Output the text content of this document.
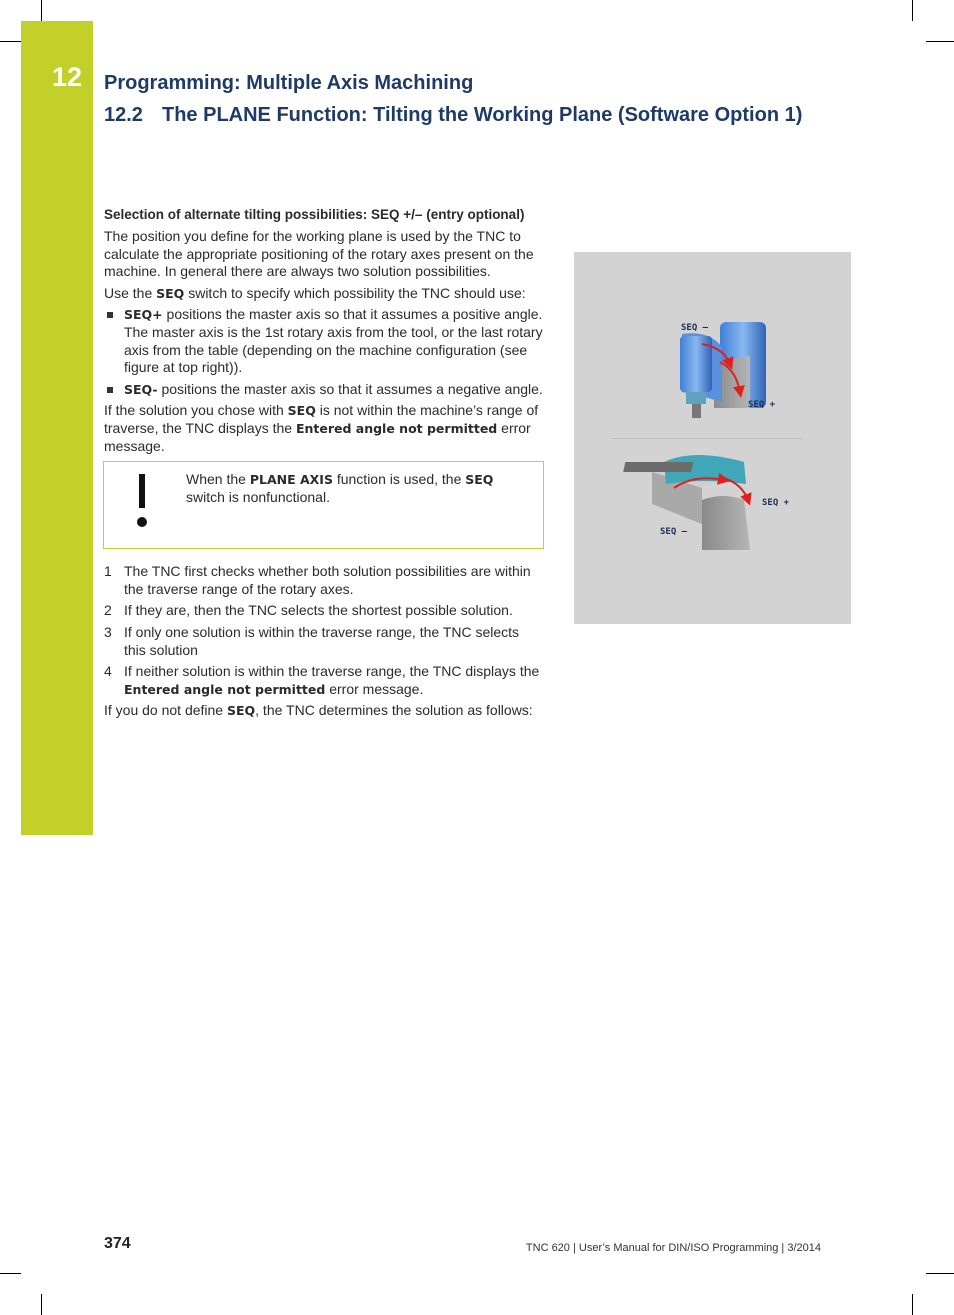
12 Programming: Multiple Axis Machining
12.2 The PLANE Function: Tilting the Working Plane (Software Option 1)
Selection of alternate tilting possibilities: SEQ +/– (entry optional)

The position you define for the working plane is used by the TNC to calculate the appropriate positioning of the rotary axes present on the machine. In general there are always two solution possibilities.

Use the SEQ switch to specify which possibility the TNC should use:

SEQ+ positions the master axis so that it assumes a positive angle. The master axis is the 1st rotary axis from the tool, or the last rotary axis from the table (depending on the machine configuration (see figure at top right)).
SEQ- positions the master axis so that it assumes a negative angle.

If the solution you chose with SEQ is not within the machine’s range of traverse, the TNC displays the Entered angle not permitted error message.

When the PLANE AXIS function is used, the SEQ switch is nonfunctional.
1 The TNC first checks whether both solution possibilities are within the traverse range of the rotary axes.
2 If they are, then the TNC selects the shortest possible solution.
3 If only one solution is within the traverse range, the TNC selects this solution
4 If neither solution is within the traverse range, the TNC displays the Entered angle not permitted error message.

If you do not define SEQ, the TNC determines the solution as follows:

SEQ –
SEQ +
SEQ +
SEQ –
374	TNC 620 | User’s Manual for DIN/ISO Programming | 3/2014
